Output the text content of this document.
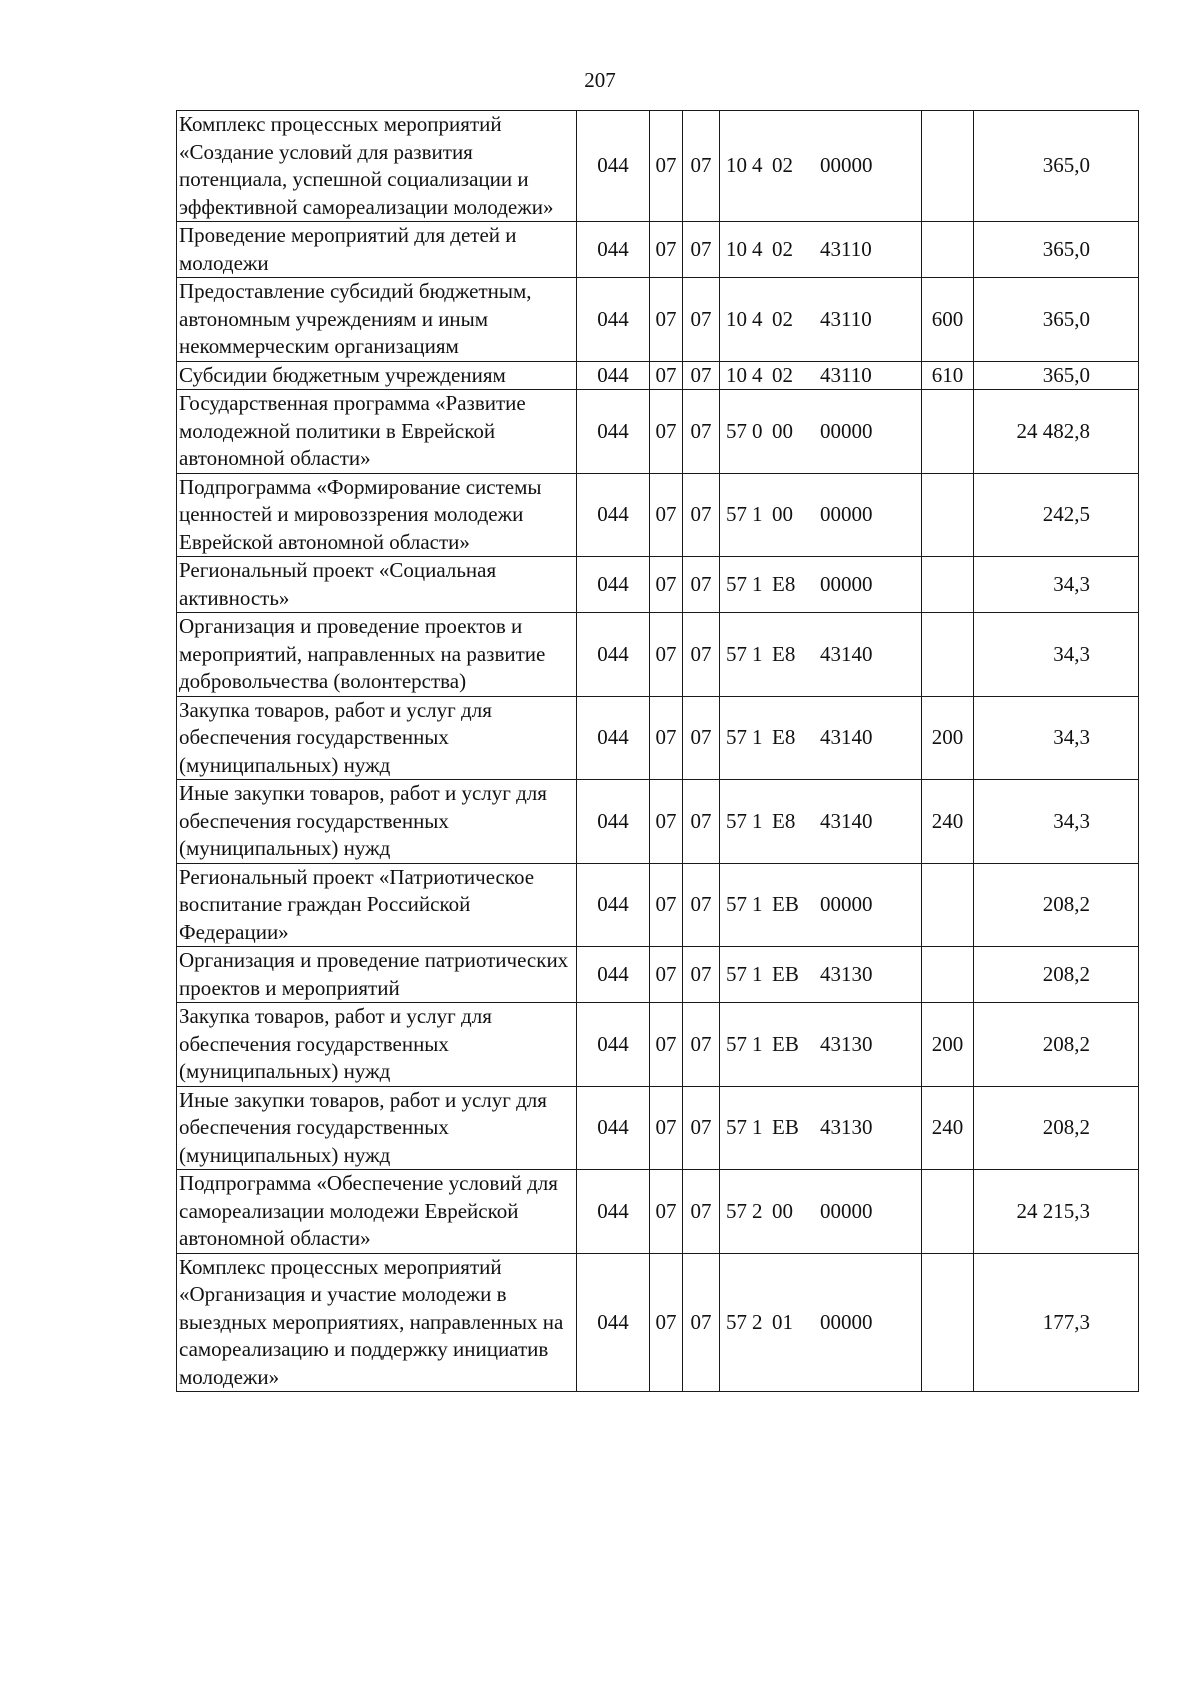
207
Комплекс процессных мероприятий «Создание условий для развития потенциала, успешной социализации и эффективной самореализации молодежи»	044	07	07	10 4 02 00000		365,0
Проведение мероприятий для детей и молодежи	044	07	07	10 4 02 43110		365,0
Предоставление субсидий бюджетным, автономным учреждениям и иным некоммерческим организациям	044	07	07	10 4 02 43110	600	365,0
Субсидии бюджетным учреждениям	044	07	07	10 4 02 43110	610	365,0
Государственная программа «Развитие молодежной политики в Еврейской автономной области»	044	07	07	57 0 00 00000		24 482,8
Подпрограмма «Формирование системы ценностей и мировоззрения молодежи Еврейской автономной области»	044	07	07	57 1 00 00000		242,5
Региональный проект «Социальная активность»	044	07	07	57 1 E8 00000		34,3
Организация и проведение проектов и мероприятий, направленных на развитие добровольчества (волонтерства)	044	07	07	57 1 E8 43140		34,3
Закупка товаров, работ и услуг для обеспечения государственных (муниципальных) нужд	044	07	07	57 1 E8 43140	200	34,3
Иные закупки товаров, работ и услуг для обеспечения государственных (муниципальных) нужд	044	07	07	57 1 E8 43140	240	34,3
Региональный проект «Патриотическое воспитание граждан Российской Федерации»	044	07	07	57 1 EB 00000		208,2
Организация и проведение патриотических проектов и мероприятий	044	07	07	57 1 EB 43130		208,2
Закупка товаров, работ и услуг для обеспечения государственных (муниципальных) нужд	044	07	07	57 1 EB 43130	200	208,2
Иные закупки товаров, работ и услуг для обеспечения государственных (муниципальных) нужд	044	07	07	57 1 EB 43130	240	208,2
Подпрограмма «Обеспечение условий для самореализации молодежи Еврейской автономной области»	044	07	07	57 2 00 00000		24 215,3
Комплекс процессных мероприятий «Организация и участие молодежи в выездных мероприятиях, направленных на самореализацию и поддержку инициатив молодежи»	044	07	07	57 2 01 00000		177,3
